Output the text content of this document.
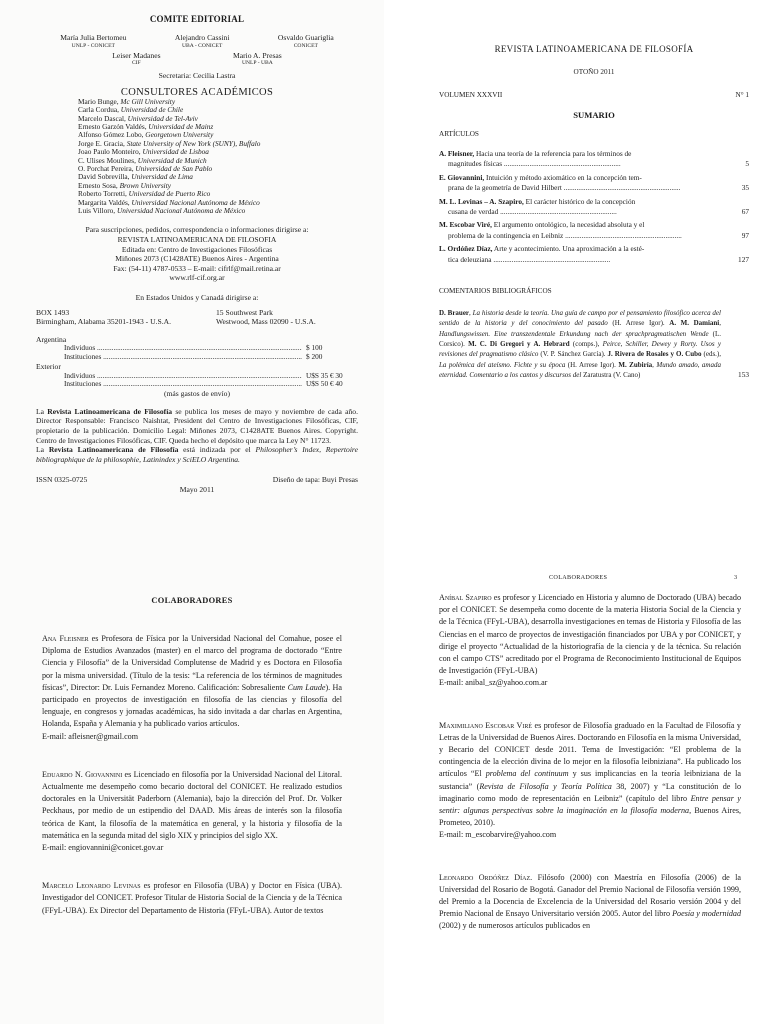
COMITE EDITORIAL
María Julia Bertomeu
UNLP - CONICET
Alejandro Cassini
UBA - CONICET
Osvaldo Guariglia
CONICET
Leiser Madanes
CIF
Mario A. Presas
UNLP - UBA
Secretaria: Cecilia Lastra
CONSULTORES ACADÉMICOS
Mario Bunge, Mc Gill University
Carla Cordua, Universidad de Chile
Marcelo Dascal, Universidad de Tel-Aviv
Ernesto Garzón Valdés, Universidad de Mainz
Alfonso Gómez Lobo, Georgetown University
Jorge E. Gracia, State University of New York (SUNY), Buffalo
Joao Paulo Monteiro, Universidad de Lisboa
C. Ulises Moulines, Universidad de Munich
O. Porchat Pereira, Universidad de San Pablo
David Sobrevilla, Universidad de Lima
Ernesto Sosa, Brown University
Roberto Torretti, Universidad de Puerto Rico
Margarita Valdés, Universidad Nacional Autónoma de México
Luis Villoro, Universidad Nacional Autónoma de México
Para suscripciones, pedidos, correspondencia o informaciones dirigirse a:
REVISTA LATINOAMERICANA DE FILOSOFIA
Editada en: Centro de Investigaciones Filosóficas
Miñones 2073 (C1428ATE) Buenos Aires - Argentina
Fax: (54-11) 4787-0533 – E-mail: cifrlf@mail.retina.ar
www.rlf-cif.org.ar
En Estados Unidos y Canadá dirigirse a:
BOX 1493
Birmingham, Alabama 35201-1943 - U.S.A.
15 Southwest Park
Westwood, Mass 02090 - U.S.A.
Argentina
Individuos .....	$ 100
Instituciones .....	$ 200
Exterior
Individuos .....	U$S 35 € 30
Instituciones .....	U$S 50 € 40
(más gastos de envío)
La Revista Latinoamericana de Filosofía se publica los meses de mayo y noviembre de cada año. Director Responsable: Francisco Naishtat, President del Centro de Investigaciones Filosóficas, CIF, propietario de la publicación. Domicilio Legal: Miñones 2073, C1428ATE Buenos Aires. Copyright. Centro de Investigaciones Filosóficas, CIF. Queda hecho el depósito que marca la Ley N° 11723.
La Revista Latinoamericana de Filosofía está indizada por el Philosopher’s Index, Repertoire bibliographique de la philosophie, Latinindex y SciELO Argentina.
ISSN 0325-0725	Diseño de tapa: Buyi Presas
Mayo 2011
REVISTA LATINOAMERICANA DE FILOSOFÍA
OTOÑO 2011
VOLUMEN XXXVII	N° 1
SUMARIO
ARTÍCULOS
A. Fleisner, Hacia una teoría de la referencia para los términos de
magnitudes físicas ................................................................	5
E. Giovannini, Intuición y método axiomático en la concepción tem-
prana de la geometría de David Hilbert ................................................................	35
M. L. Levinas – A. Szapiro, El carácter histórico de la concepción
cusana de verdad ................................................................	67
M. Escobar Viré, El argumento ontológico, la necesidad absoluta y el
problema de la contingencia en Leibniz ................................................................	97
L. Ordóñez Díaz, Arte y acontecimiento. Una aproximación a la esté-
tica deleuziana ................................................................	127
COMENTARIOS BIBLIOGRÁFICOS
D. Brauer, La historia desde la teoría. Una guía de campo por el pensamiento filosófico acerca del sentido de la historia y del conocimiento del pasado (H. Arrese Igor). A. M. Damiani, Handlungswissen. Eine transzendentale Erkundung nach der sprachpragmatischen Wende (L. Corsico). M. C. Di Gregori y A. Hebrard (comps.), Peirce, Schiller, Dewey y Rorty. Usos y revisiones del pragmatismo clásico (V. P. Sánchez García). J. Rivera de Rosales y O. Cubo (eds.), La polémica del ateísmo. Fichte y su época (H. Arrese Igor). M. Zubiría, Mundo amado, amada eternidad. Comentario a los cantos y discursos del Zaratustra (V. Cano)	153
COLABORADORES

Ana Fleisner es Profesora de Física por la Universidad Nacional del Comahue, posee el Diploma de Estudios Avanzados (master) en el marco del programa de doctorado “Entre Ciencia y Filosofía” de la Universidad Complutense de Madrid y es Doctora en Filosofía por la misma universidad. (Título de la tesis: “La referencia de los términos de magnitudes físicas”, Director: Dr. Luis Fernandez Moreno. Calificación: Sobresaliente Cum Laude). Ha participado en proyectos de investigación en filosofía de las ciencias y filosofía del lenguaje, en congresos y jornadas académicas, ha sido invitada a dar charlas en Argentina, Holanda, España y Alemania y ha publicado varios artículos.
E-mail: afleisner@gmail.com

Eduardo N. Giovannini es Licenciado en filosofía por la Universidad Nacional del Litoral. Actualmente me desempeño como becario doctoral del CONICET. He realizado estudios doctorales en la Universität Paderborn (Alemania), bajo la dirección del Prof. Dr. Volker Peckhaus, por medio de un estipendio del DAAD. Mis áreas de interés son la filosofía teórica de Kant, la filosofía de la matemática en general, y la historia y filosofía de la matemática en la segunda mitad del siglo XIX y principios del siglo XX.
E-mail: engiovannini@conicet.gov.ar

Marcelo Leonardo Levinas es profesor en Filosofía (UBA) y Doctor en Física (UBA). Investigador del CONICET. Profesor Titular de Historia Social de la Ciencia y de la Técnica (FFyL-UBA). Ex Director del Departamento de Historia (FFyL-UBA). Autor de textos

COLABORADORES	3

Aníbal Szapiro es profesor y Licenciado en Historia y alumno de Doctorado (UBA) becado por el CONICET. Se desempeña como docente de la materia Historia Social de la Ciencia y de la Técnica (FFyL-UBA), desarrolla investigaciones en temas de Historia y Filosofía de las Ciencias en el marco de proyectos de investigación financiados por UBA y por CONICET, y dirige el proyecto “Actualidad de la historiografía de la ciencia y de la técnica. Su relación con el campo CTS” acreditado por el Programa de Reconocimiento Institucional de Equipos de Investigación (FFyL-UBA)
E-mail: anibal_sz@yahoo.com.ar

Maximiliano Escobar Viré es profesor de Filosofía graduado en la Facultad de Filosofía y Letras de la Universidad de Buenos Aires. Doctorando en Filosofía en la misma Universidad, y Becario del CONICET desde 2011. Tema de Investigación: “El problema de la contingencia de la elección divina de lo mejor en la filosofía leibniziana”. Ha publicado los artículos “El problema del continuum y sus implicancias en la teoría leibniziana de la sustancia” (Revista de Filosofía y Teoría Política 38, 2007) y “La constitución de lo imaginario como modo de representación en Leibniz” (capítulo del libro Entre pensar y sentir: algunas perspectivas sobre la imaginación en la filosofía moderna, Buenos Aires, Prometeo, 2010).
E-mail: m_escobarvire@yahoo.com

Leonardo Ordóñez Díaz. Filósofo (2000) con Maestría en Filosofía (2006) de la Universidad del Rosario de Bogotá. Ganador del Premio Nacional de Filosofía versión 1999, del Premio a la Docencia de Excelencia de la Universidad del Rosario versión 2004 y del Premio Nacional de Ensayo Universitario versión 2005. Autor del libro Poesía y modernidad (2002) y de numerosos artículos publicados en
